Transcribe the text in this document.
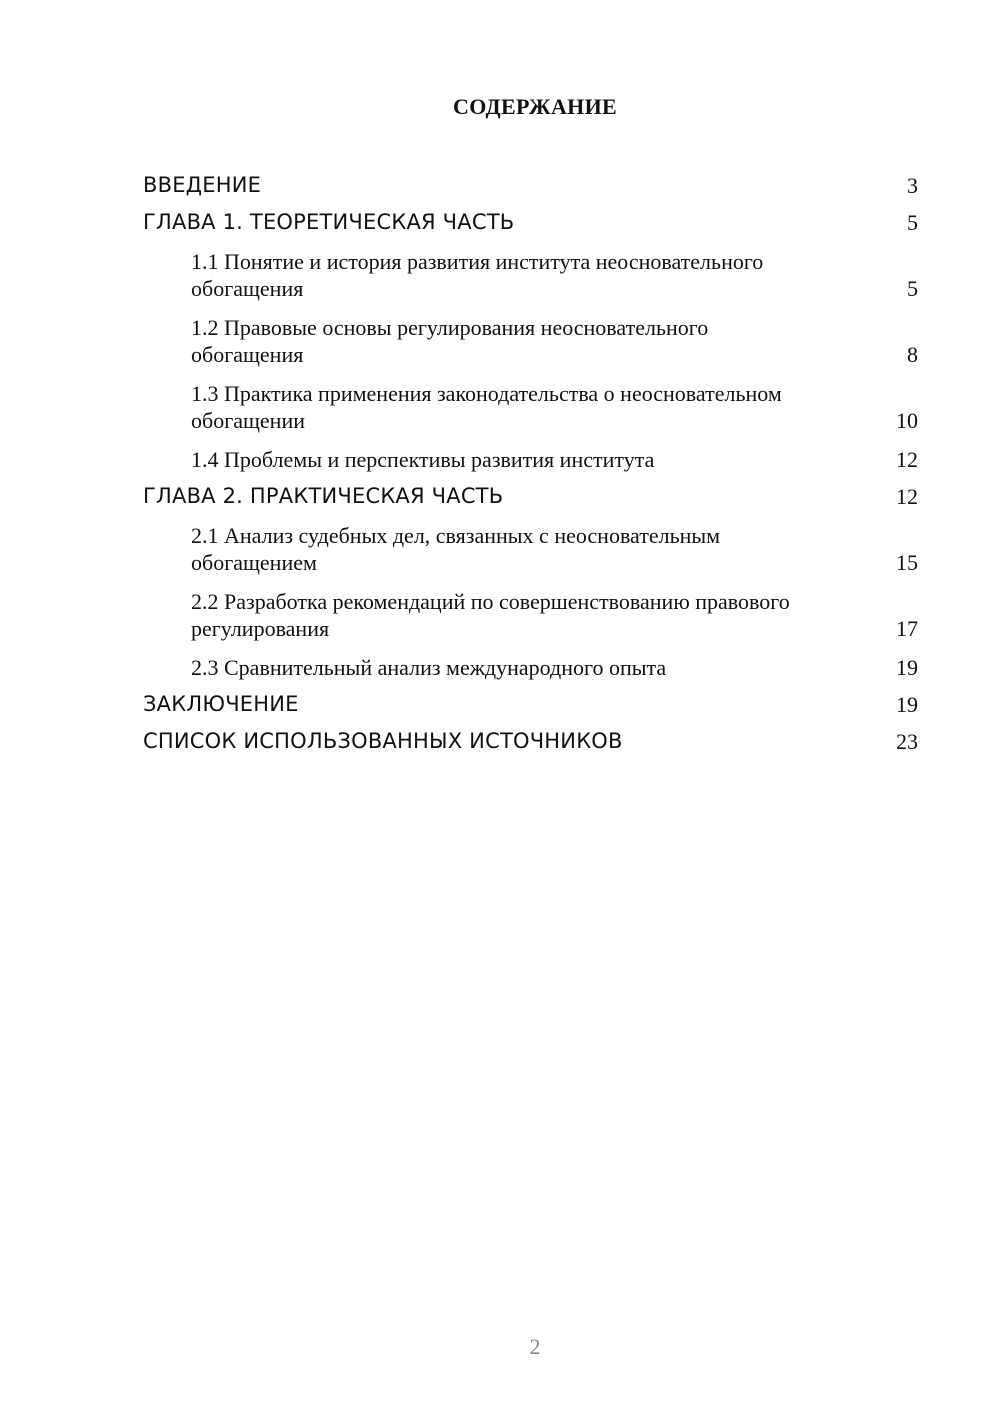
СОДЕРЖАНИЕ
ВВЕДЕНИЕ	3
ГЛАВА 1. ТЕОРЕТИЧЕСКАЯ ЧАСТЬ	5
1.1 Понятие и история развития института неосновательного обогащения	5
1.2 Правовые основы регулирования неосновательного обогащения	8
1.3 Практика применения законодательства о неосновательном обогащении	10
1.4 Проблемы и перспективы развития института	12
ГЛАВА 2. ПРАКТИЧЕСКАЯ ЧАСТЬ	12
2.1 Анализ судебных дел, связанных с неосновательным обогащением	15
2.2 Разработка рекомендаций по совершенствованию правового регулирования	17
2.3 Сравнительный анализ международного опыта	19
ЗАКЛЮЧЕНИЕ	19
СПИСОК ИСПОЛЬЗОВАННЫХ ИСТОЧНИКОВ	23
2
